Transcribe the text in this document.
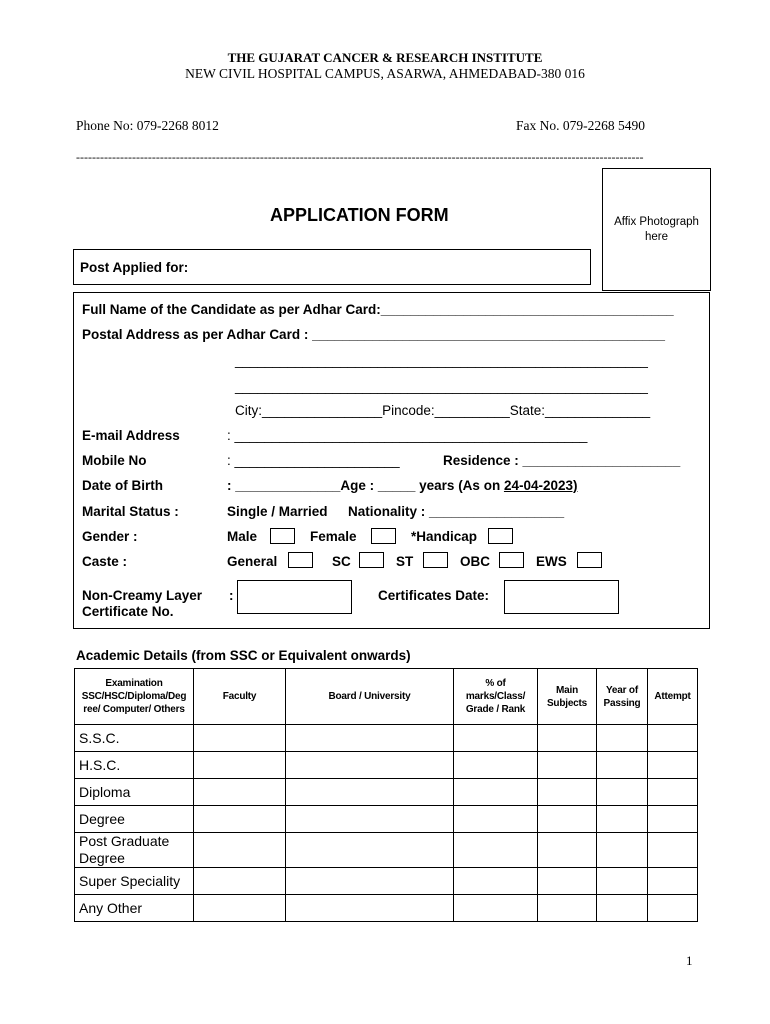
THE GUJARAT CANCER & RESEARCH INSTITUTE
NEW CIVIL HOSPITAL CAMPUS, ASARWA, AHMEDABAD-380 016
Phone No: 079-2268 8012	Fax No. 079-2268 5490
----------------------------------------------------------------------------------------------------------------------------------------------
APPLICATION FORM	Affix Photograph
here
Post Applied for:
Full Name of the Candidate as per Adhar Card:_______________________________________
Postal Address as per Adhar Card : _______________________________________________
_______________________________________________________
_______________________________________________________
City:________________Pincode:__________State:______________
E-mail Address	: _______________________________________________
Mobile No	: ______________________	Residence : _____________________
Date of Birth	: ______________Age : _____ years (As on 24-04-2023)
Marital Status :	Single / Married Nationality : __________________
Gender :	Male	Female	*Handicap
Caste :	General	SC	ST	OBC	EWS
Non-Creamy Layer
Certificate No.
:	Certificates Date:
Academic Details (from SSC or Equivalent onwards)
Examination SSC/HSC/Diploma/Deg ree/ Computer/ Others	Faculty	Board / University	% of marks/Class/ Grade / Rank	Main Subjects	Year of Passing	Attempt
S.S.C.						
H.S.C.						
Diploma						
Degree						
Post Graduate Degree						
Super Speciality						
Any Other						
1
